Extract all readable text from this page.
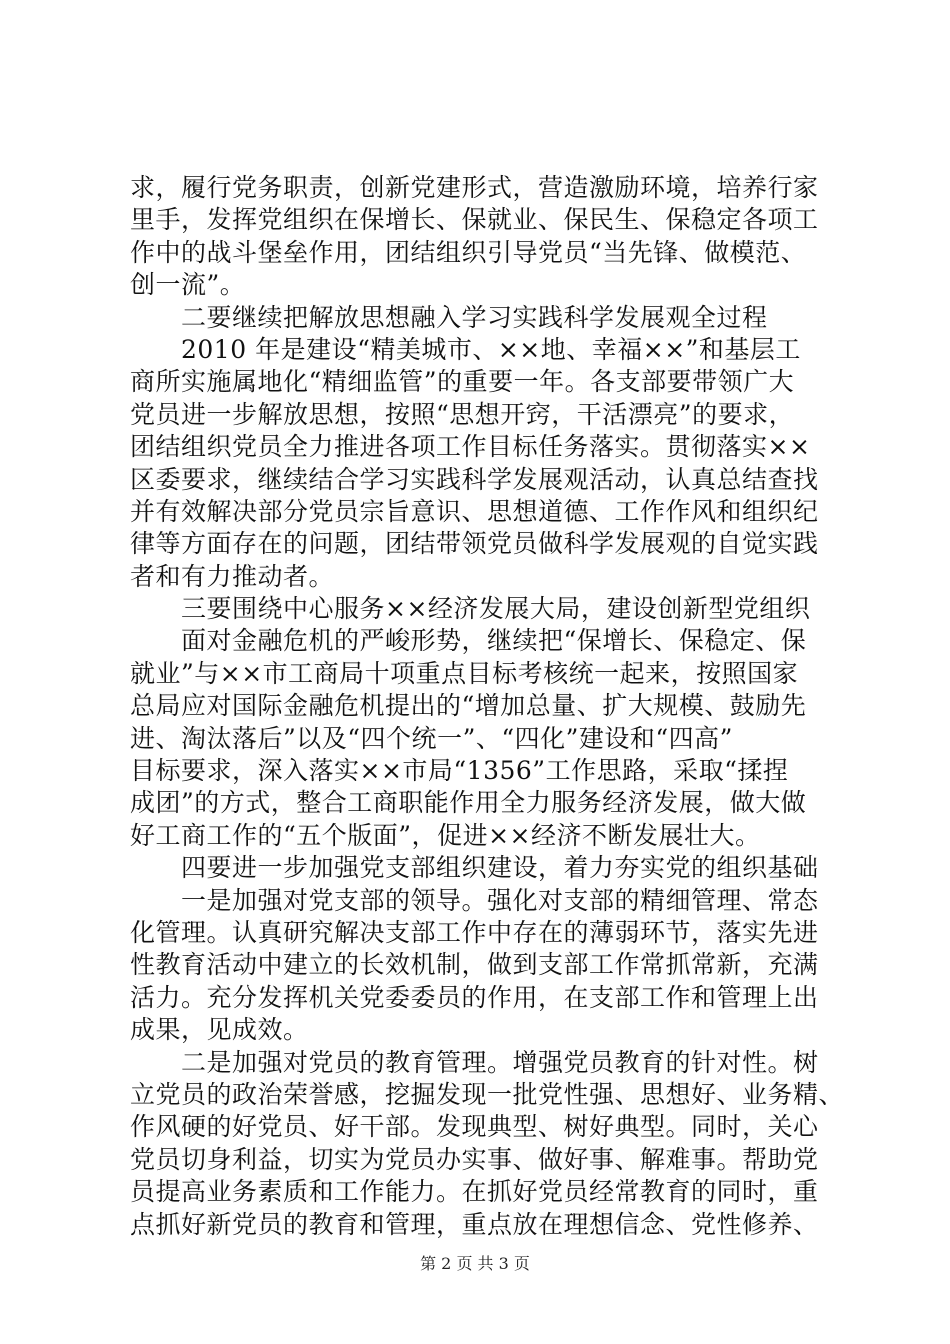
求，履行党务职责，创新党建形式，营造激励环境，培养行家
里手，发挥党组织在保增长、保就业、保民生、保稳定各项工
作中的战斗堡垒作用，团结组织引导党员“当先锋、做模范、
创一流”。
　　二要继续把解放思想融入学习实践科学发展观全过程
　　2010 年是建设“精美城市、××地、幸福××”和基层工
商所实施属地化“精细监管”的重要一年。各支部要带领广大
党员进一步解放思想，按照“思想开窍，干活漂亮”的要求，
团结组织党员全力推进各项工作目标任务落实。贯彻落实××
区委要求，继续结合学习实践科学发展观活动，认真总结查找
并有效解决部分党员宗旨意识、思想道德、工作作风和组织纪
律等方面存在的问题，团结带领党员做科学发展观的自觉实践
者和有力推动者。
　　三要围绕中心服务××经济发展大局，建设创新型党组织
　　面对金融危机的严峻形势，继续把“保增长、保稳定、保
就业”与××市工商局十项重点目标考核统一起来，按照国家
总局应对国际金融危机提出的“增加总量、扩大规模、鼓励先
进、淘汰落后”以及“四个统一”、“四化”建设和“四高”
目标要求，深入落实××市局“1356”工作思路，采取“揉捏
成团”的方式，整合工商职能作用全力服务经济发展，做大做
好工商工作的“五个版面”，促进××经济不断发展壮大。
　　四要进一步加强党支部组织建设，着力夯实党的组织基础
　　一是加强对党支部的领导。强化对支部的精细管理、常态
化管理。认真研究解决支部工作中存在的薄弱环节，落实先进
性教育活动中建立的长效机制，做到支部工作常抓常新，充满
活力。充分发挥机关党委委员的作用，在支部工作和管理上出
成果，见成效。
　　二是加强对党员的教育管理。增强党员教育的针对性。树
立党员的政治荣誉感，挖掘发现一批党性强、思想好、业务精、
作风硬的好党员、好干部。发现典型、树好典型。同时，关心
党员切身利益，切实为党员办实事、做好事、解难事。帮助党
员提高业务素质和工作能力。在抓好党员经常教育的同时，重
点抓好新党员的教育和管理，重点放在理想信念、党性修养、
第 2 页 共 3 页
